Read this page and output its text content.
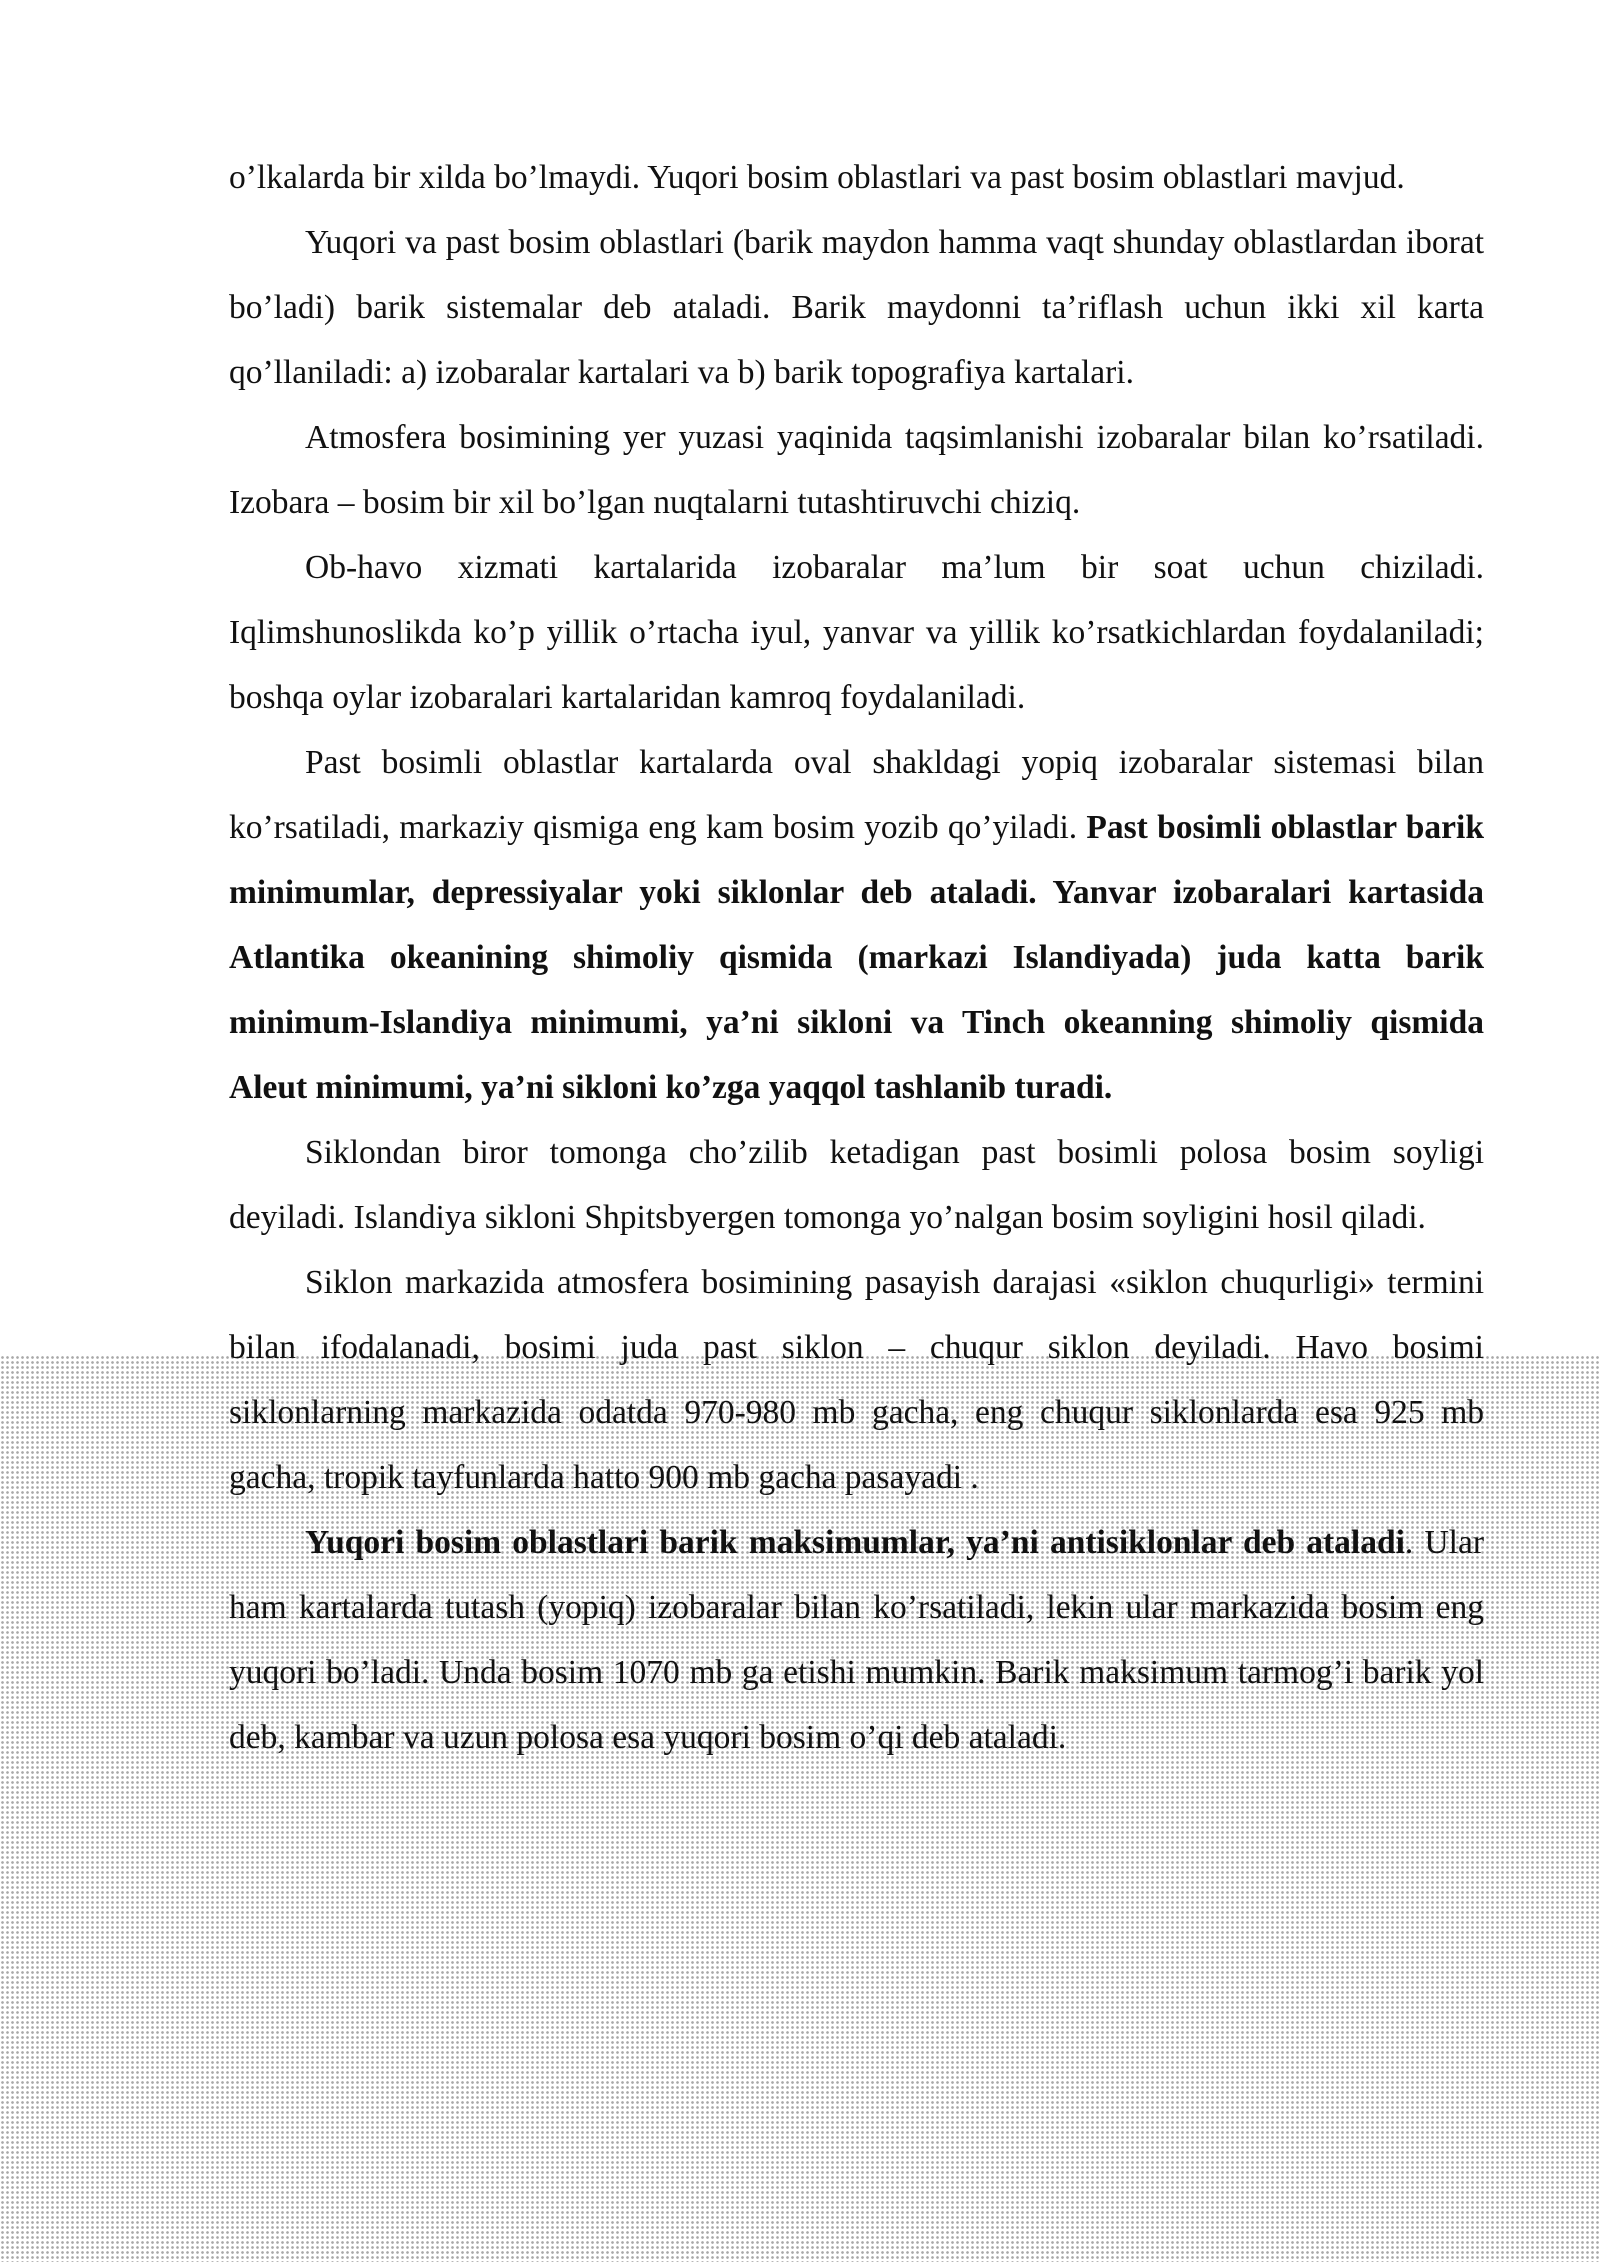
o’lkalarda bir xilda bo’lmaydi. Yuqori bosim oblastlari va past bosim oblastlari mavjud.

Yuqori va past bosim oblastlari (barik maydon hamma vaqt shunday oblastlardan iborat bo’ladi) barik sistemalar deb ataladi. Barik maydonni ta’riflash uchun ikki xil karta qo’llaniladi: a) izobaralar kartalari va b) barik topografiya kartalari.

Atmosfera bosimining yer yuzasi yaqinida taqsimlanishi izobaralar bilan ko’rsatiladi. Izobara – bosim bir xil bo’lgan nuqtalarni tutashtiruvchi chiziq.

Ob-havo xizmati kartalarida izobaralar ma’lum bir soat uchun chiziladi. Iqlimshunoslikda ko’p yillik o’rtacha iyul, yanvar va yillik ko’rsatkichlardan foydalaniladi; boshqa oylar izobaralari kartalaridan kamroq foydalaniladi.

Past bosimli oblastlar kartalarda oval shakldagi yopiq izobaralar sistemasi bilan ko’rsatiladi, markaziy qismiga eng kam bosim yozib qo’yiladi. Past bosimli oblastlar barik minimumlar, depressiyalar yoki siklonlar deb ataladi. Yanvar izobaralari kartasida Atlantika okeanining shimoliy qismida (markazi Islandiyada) juda katta barik minimum-Islandiya minimumi, ya’ni sikloni va Tinch okeanning shimoliy qismida Aleut minimumi, ya’ni sikloni ko’zga yaqqol tashlanib turadi.

Siklondan biror tomonga cho’zilib ketadigan past bosimli polosa bosim soyligi deyiladi. Islandiya sikloni Shpitsbyergen tomonga yo’nalgan bosim soyligini hosil qiladi.

Siklon markazida atmosfera bosimining pasayish darajasi «siklon chuqurligi» termini bilan ifodalanadi, bosimi juda past siklon – chuqur siklon deyiladi. Havo bosimi siklonlarning markazida odatda 970-980 mb gacha, eng chuqur siklonlarda esa 925 mb gacha, tropik tayfunlarda hatto 900 mb gacha pasayadi .

Yuqori bosim oblastlari barik maksimumlar, ya’ni antisiklonlar deb ataladi. Ular ham kartalarda tutash (yopiq) izobaralar bilan ko’rsatiladi, lekin ular markazida bosim eng yuqori bo’ladi. Unda bosim 1070 mb ga etishi mumkin. Barik maksimum tarmog’i barik yol deb, kambar va uzun polosa esa yuqori bosim o’qi deb ataladi.
